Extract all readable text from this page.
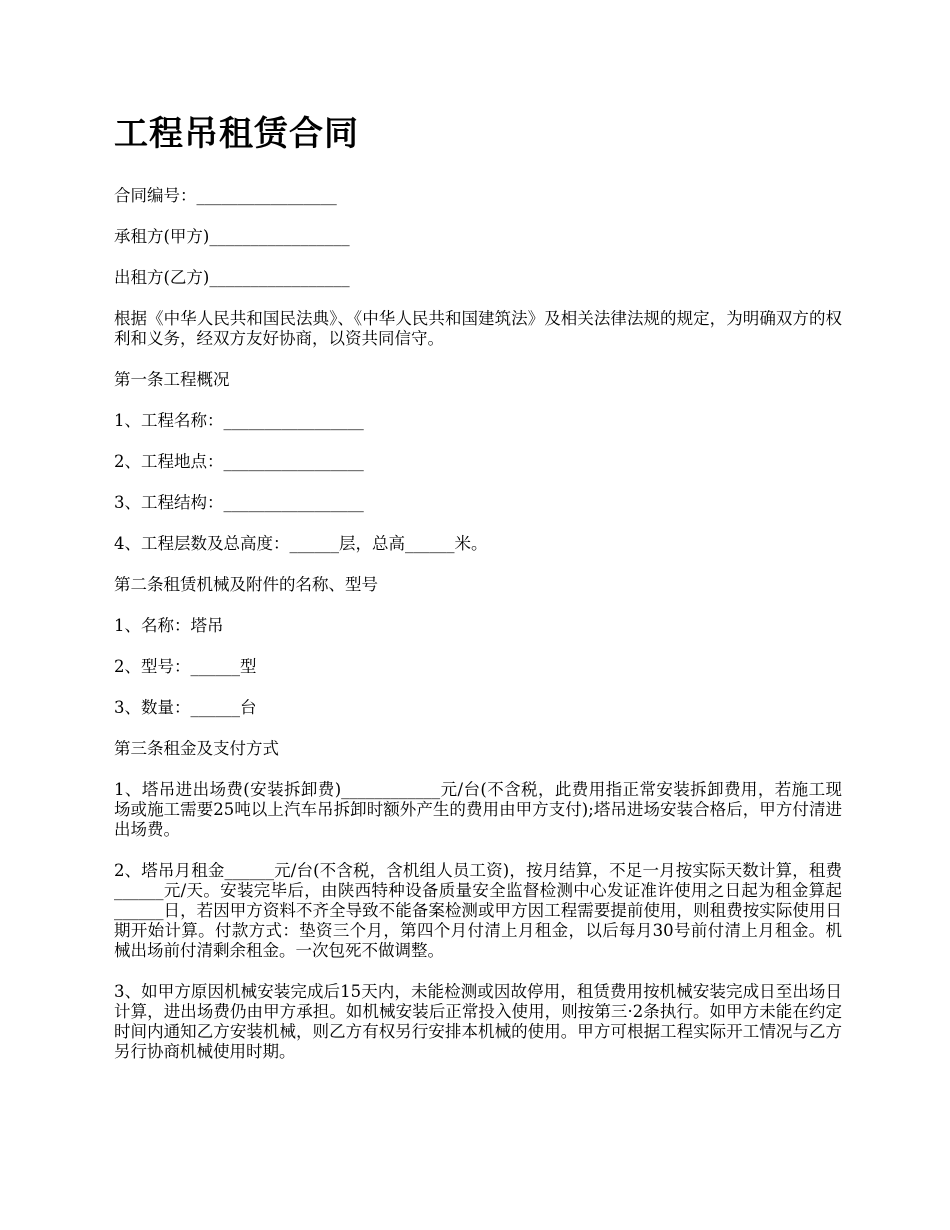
工程吊租赁合同

合同编号：_________________

承租方(甲方)_________________

出租方(乙方)_________________

根据《中华人民共和国民法典》、《中华人民共和国建筑法》及相关法律法规的规定，为明确双方的权利和义务，经双方友好协商，以资共同信守。

第一条工程概况

1、工程名称：_________________

2、工程地点：_________________

3、工程结构：_________________

4、工程层数及总高度：______层，总高______米。

第二条租赁机械及附件的名称、型号

1、名称：塔吊

2、型号：______型

3、数量：______台

第三条租金及支付方式

1、塔吊进出场费(安装拆卸费)____________元/台(不含税，此费用指正常安装拆卸费用，若施工现场或施工需要25吨以上汽车吊拆卸时额外产生的费用由甲方支付);塔吊进场安装合格后，甲方付清进出场费。

2、塔吊月租金______元/台(不含税，含机组人员工资)，按月结算，不足一月按实际天数计算，租费______元/天。安装完毕后，由陕西特种设备质量安全监督检测中心发证准许使用之日起为租金算起______日，若因甲方资料不齐全导致不能备案检测或甲方因工程需要提前使用，则租费按实际使用日期开始计算。付款方式：垫资三个月，第四个月付清上月租金，以后每月30号前付清上月租金。机械出场前付清剩余租金。一次包死不做调整。

3、如甲方原因机械安装完成后15天内，未能检测或因故停用，租赁费用按机械安装完成日至出场日计算，进出场费仍由甲方承担。如机械安装后正常投入使用，则按第三·2条执行。如甲方未能在约定时间内通知乙方安装机械，则乙方有权另行安排本机械的使用。甲方可根据工程实际开工情况与乙方另行协商机械使用时期。
